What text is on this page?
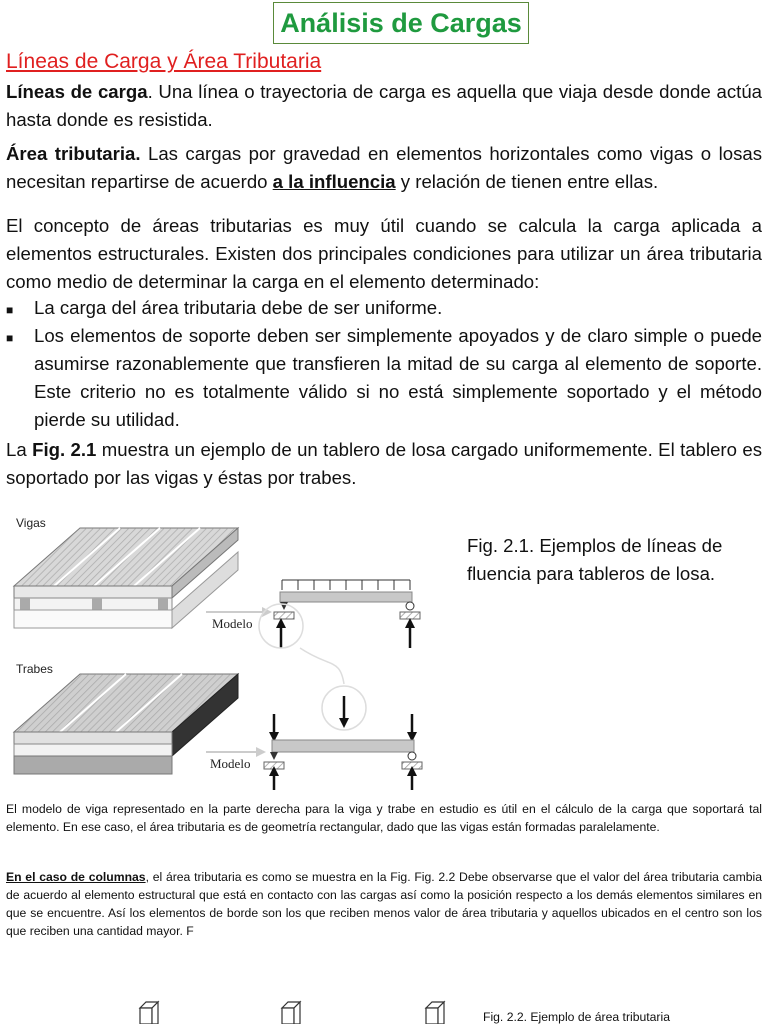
Análisis de Cargas
Líneas de Carga y Área Tributaria
Líneas de carga. Una línea o trayectoria de carga es aquella que viaja desde donde actúa hasta donde es resistida.
Área tributaria. Las cargas por gravedad en elementos horizontales como vigas o losas necesitan repartirse de acuerdo a la influencia y relación de tienen entre ellas.
El concepto de áreas tributarias es muy útil cuando se calcula la carga aplicada a elementos estructurales. Existen dos principales condiciones para utilizar un área tributaria como medio de determinar la carga en el elemento determinado:
■	La carga del área tributaria debe de ser uniforme.
■	Los elementos de soporte deben ser simplemente apoyados y de claro simple o puede asumirse razonablemente que transfieren la mitad de su carga al elemento de soporte. Este criterio no es totalmente válido si no está simplemente soportado y el método pierde su utilidad.
La Fig. 2.1 muestra un ejemplo de un tablero de losa cargado uniformemente. El tablero es soportado por las vigas y éstas por trabes.
Vigas
Trabes
Modelo
Modelo
Fig. 2.1. Ejemplos de líneas de fluencia para tableros de losa.
El modelo de viga representado en la parte derecha para la viga y trabe en estudio es útil en el cálculo de la carga que soportará tal elemento. En ese caso, el área tributaria es de geometría rectangular, dado que las vigas están formadas paralelamente.
En el caso de columnas, el área tributaria es como se muestra en la Fig. Fig. 2.2 Debe observarse que el valor del área tributaria cambia de acuerdo al elemento estructural que está en contacto con las cargas así como la posición respecto a los demás elementos similares en que se encuentre. Así los elementos de borde son los que reciben menos valor de área tributaria y aquellos ubicados en el centro son los que reciben una cantidad mayor. F
Fig. 2.2. Ejemplo de área tributaria
